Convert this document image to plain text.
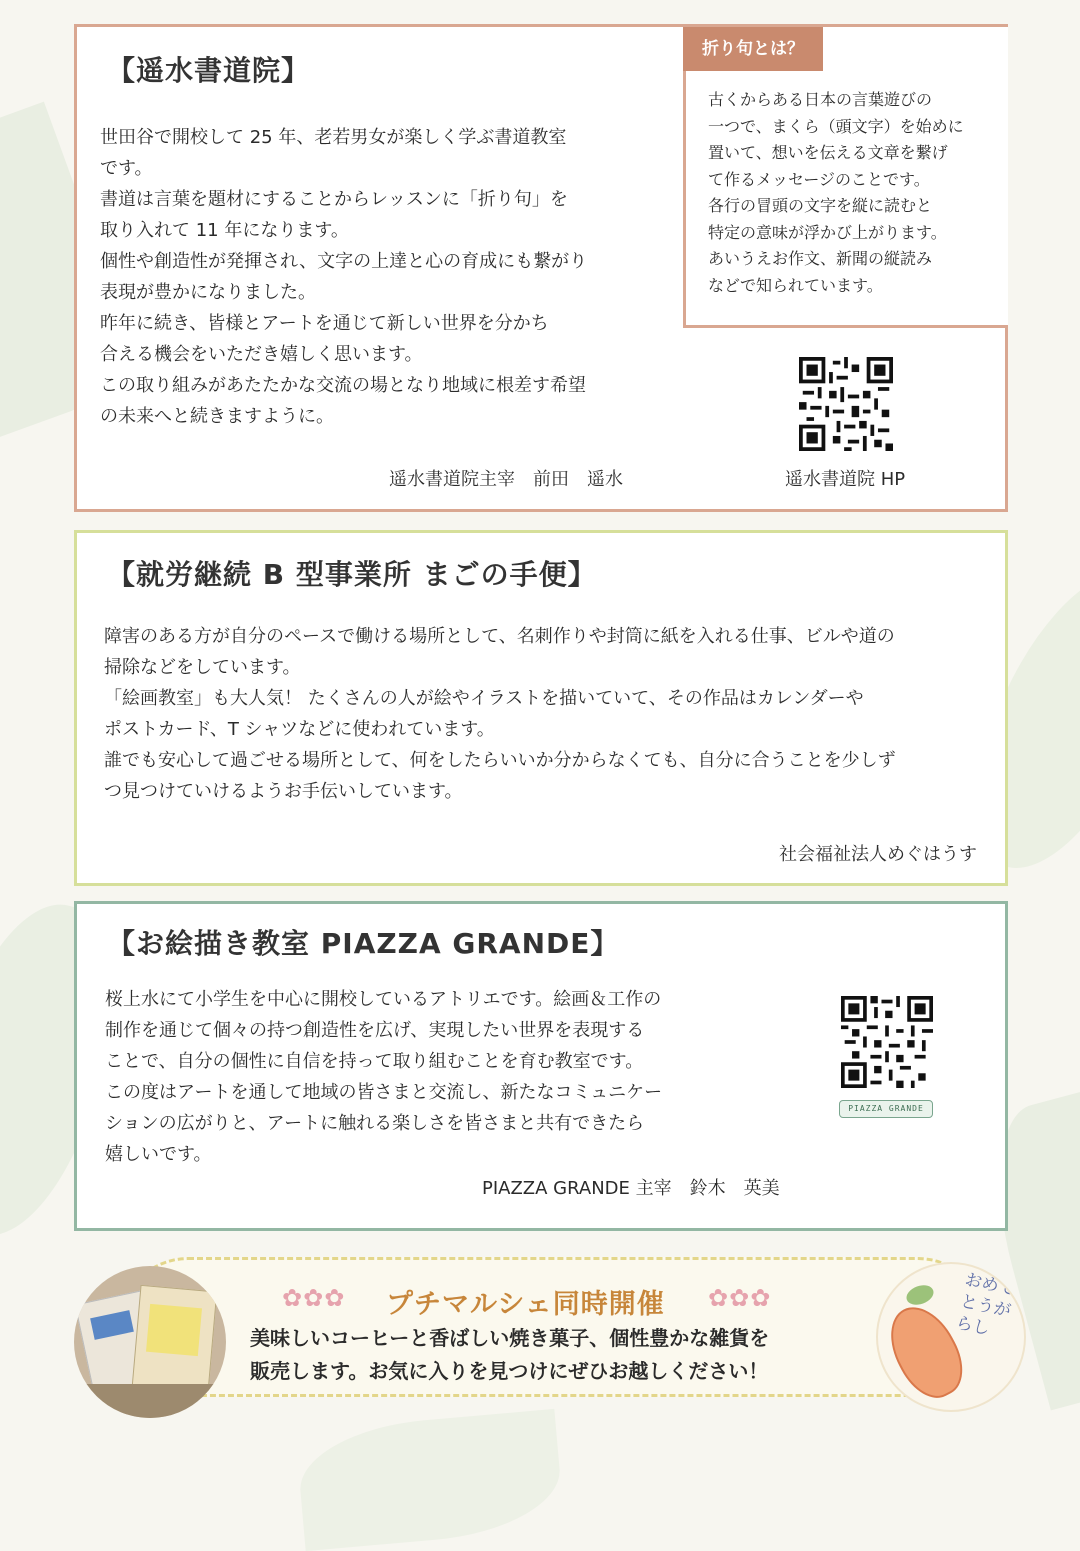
【遥水書道院】
世田谷で開校して 25 年、老若男女が楽しく学ぶ書道教室
です。
書道は言葉を題材にすることからレッスンに「折り句」を
取り入れて 11 年になります。
個性や創造性が発揮され、文字の上達と心の育成にも繋がり
表現が豊かになりました。
昨年に続き、皆様とアートを通じて新しい世界を分かち
合える機会をいただき嬉しく思います。
この取り組みがあたたかな交流の場となり地域に根差す希望
の未来へと続きますように。
遥水書道院主宰　前田　遥水
折り句とは？
古くからある日本の言葉遊びの
一つで、まくら（頭文字）を始めに
置いて、想いを伝える文章を繋げ
て作るメッセージのことです。
各行の冒頭の文字を縦に読むと
特定の意味が浮かび上がります。
あいうえお作文、新聞の縦読み
などで知られています。
遥水書道院 HP
【就労継続 B 型事業所 まごの手便】
障害のある方が自分のペースで働ける場所として、名刺作りや封筒に紙を入れる仕事、ビルや道の
掃除などをしています。
「絵画教室」も大人気！ たくさんの人が絵やイラストを描いていて、その作品はカレンダーや
ポストカード、T シャツなどに使われています。
誰でも安心して過ごせる場所として、何をしたらいいか分からなくても、自分に合うことを少しず
つ見つけていけるようお手伝いしています。
社会福祉法人めぐはうす
【お絵描き教室 PIAZZA GRANDE】
桜上水にて小学生を中心に開校しているアトリエです。絵画＆工作の
制作を通じて個々の持つ創造性を広げ、実現したい世界を表現する
ことで、自分の個性に自信を持って取り組むことを育む教室です。
この度はアートを通して地域の皆さまと交流し、新たなコミュニケー
ションの広がりと、アートに触れる楽しさを皆さまと共有できたら
嬉しいです。
PIAZZA GRANDE 主宰　鈴木　英美
PIAZZA GRANDE
✿✿✿ プチマルシェ同時開催 ✿✿✿
美味しいコーヒーと香ばしい焼き菓子、個性豊かな雑貨を
販売します。お気に入りを見つけにぜひお越しください！
おめでとうがらし
